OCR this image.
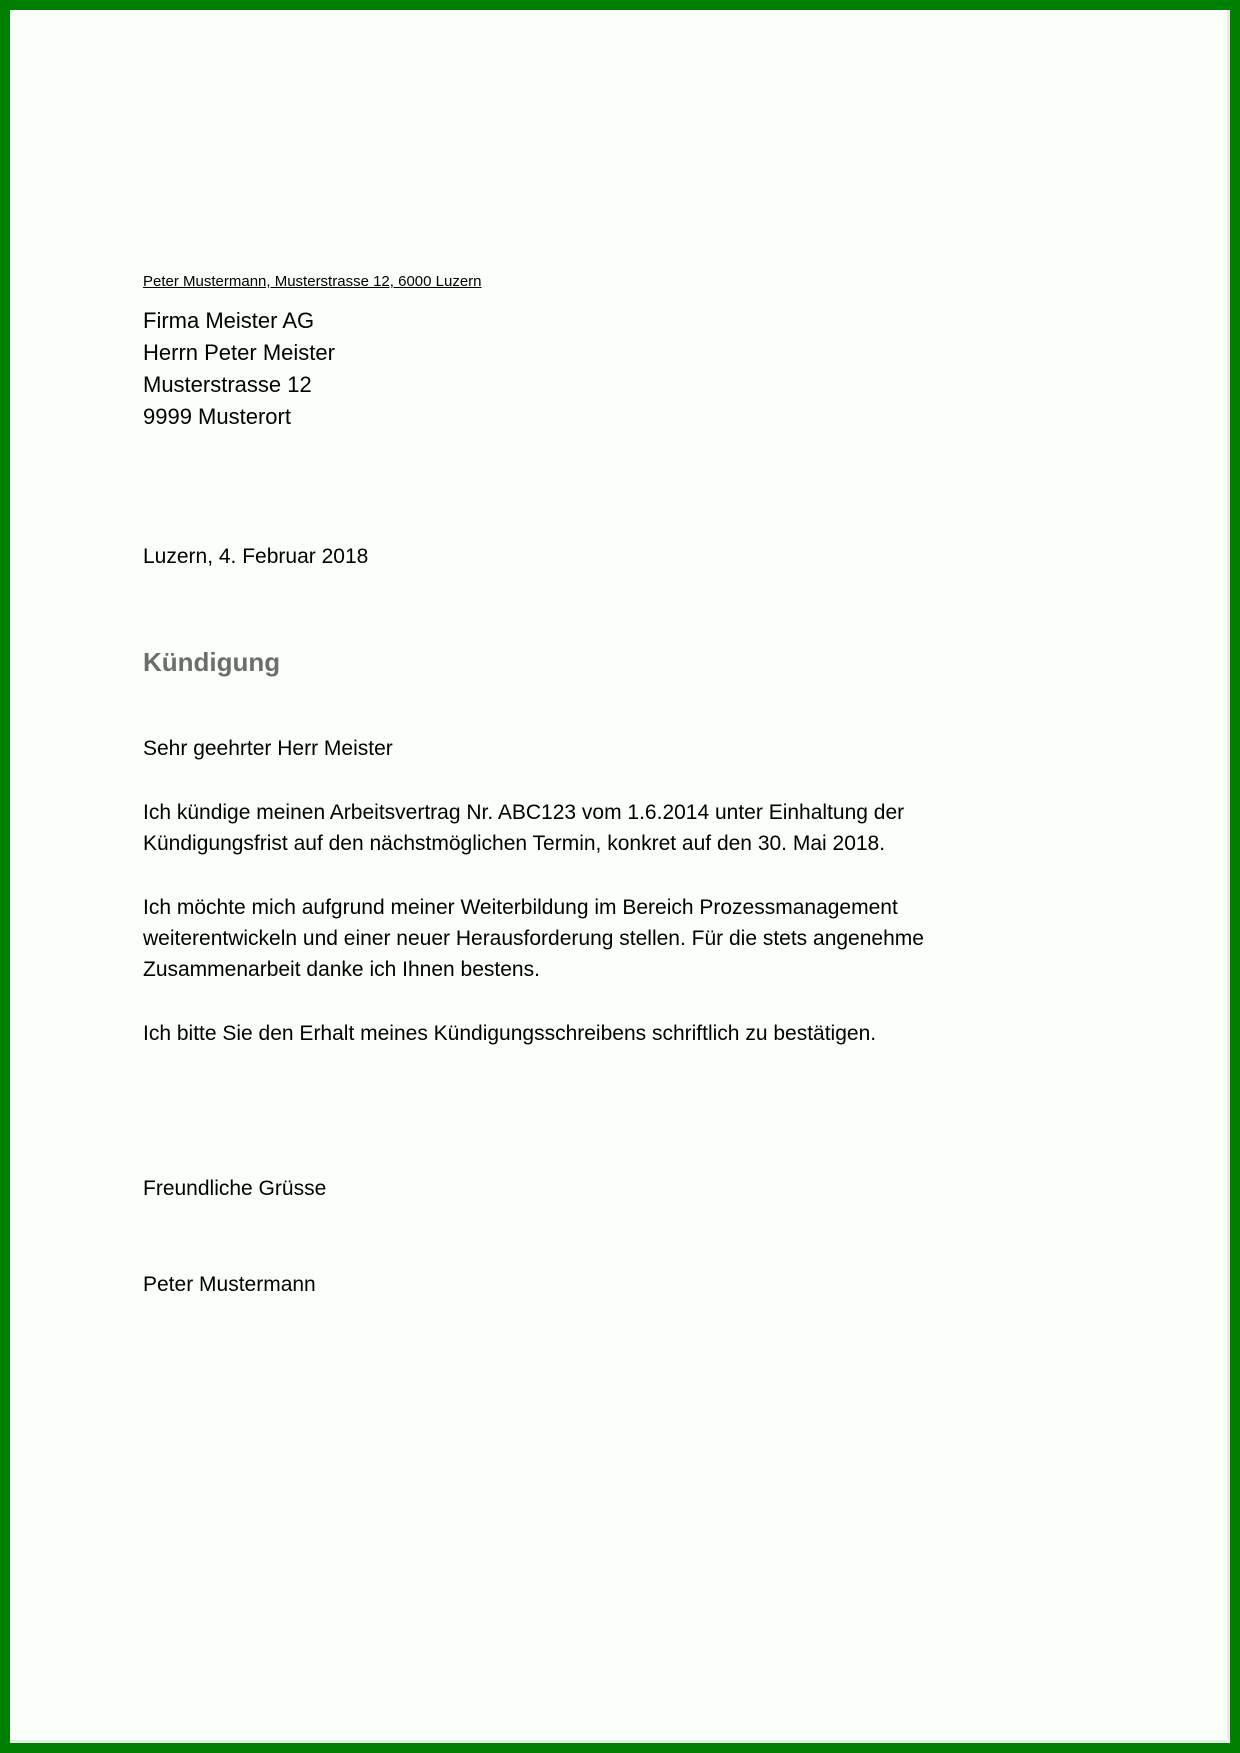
Peter Mustermann, Musterstrasse 12, 6000 Luzern
Firma Meister AG
Herrn Peter Meister
Musterstrasse 12
9999 Musterort
Luzern, 4. Februar 2018
Kündigung
Sehr geehrter Herr Meister
Ich kündige meinen Arbeitsvertrag Nr. ABC123 vom 1.6.2014 unter Einhaltung der Kündigungsfrist auf den nächstmöglichen Termin, konkret auf den 30. Mai 2018.
Ich möchte mich aufgrund meiner Weiterbildung im Bereich Prozessmanagement weiterentwickeln und einer neuer Herausforderung stellen. Für die stets angenehme Zusammenarbeit danke ich Ihnen bestens.
Ich bitte Sie den Erhalt meines Kündigungsschreibens schriftlich zu bestätigen.
Freundliche Grüsse
Peter Mustermann
